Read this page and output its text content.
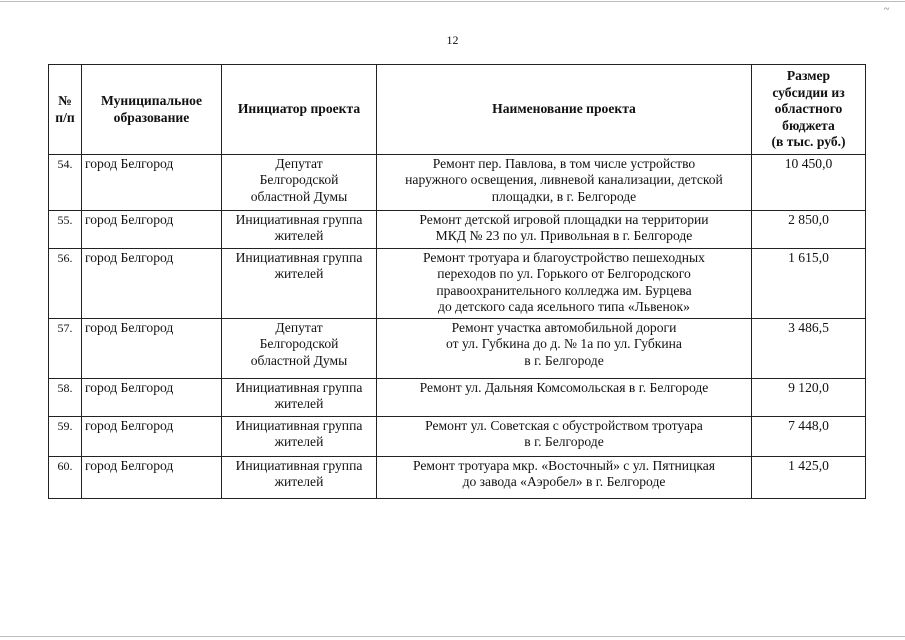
~
12
№
п/п	Муниципальное
образование	Инициатор проекта	Наименование проекта	Размер
субсидии из
областного
бюджета
(в тыс. руб.)
54.	город Белгород	Депутат
Белгородской
областной Думы	Ремонт пер. Павлова, в том числе устройство
наружного освещения, ливневой канализации, детской
площадки, в г. Белгороде	10 450,0
55.	город Белгород	Инициативная группа
жителей	Ремонт детской игровой площадки на территории
МКД № 23 по ул. Привольная в г. Белгороде	2 850,0
56.	город Белгород	Инициативная группа
жителей	Ремонт тротуара и благоустройство пешеходных
переходов по ул. Горького от Белгородского
правоохранительного колледжа им. Бурцева
до детского сада ясельного типа «Львенок»	1 615,0
57.	город Белгород	Депутат
Белгородской
областной Думы	Ремонт участка автомобильной дороги
от ул. Губкина до д. № 1а по ул. Губкина
в г. Белгороде	3 486,5
58.	город Белгород	Инициативная группа
жителей	Ремонт ул. Дальняя Комсомольская в г. Белгороде	9 120,0
59.	город Белгород	Инициативная группа
жителей	Ремонт ул. Советская с обустройством тротуара
в г. Белгороде	7 448,0
60.	город Белгород	Инициативная группа
жителей	Ремонт тротуара мкр. «Восточный» с ул. Пятницкая
до завода «Аэробел» в г. Белгороде	1 425,0
